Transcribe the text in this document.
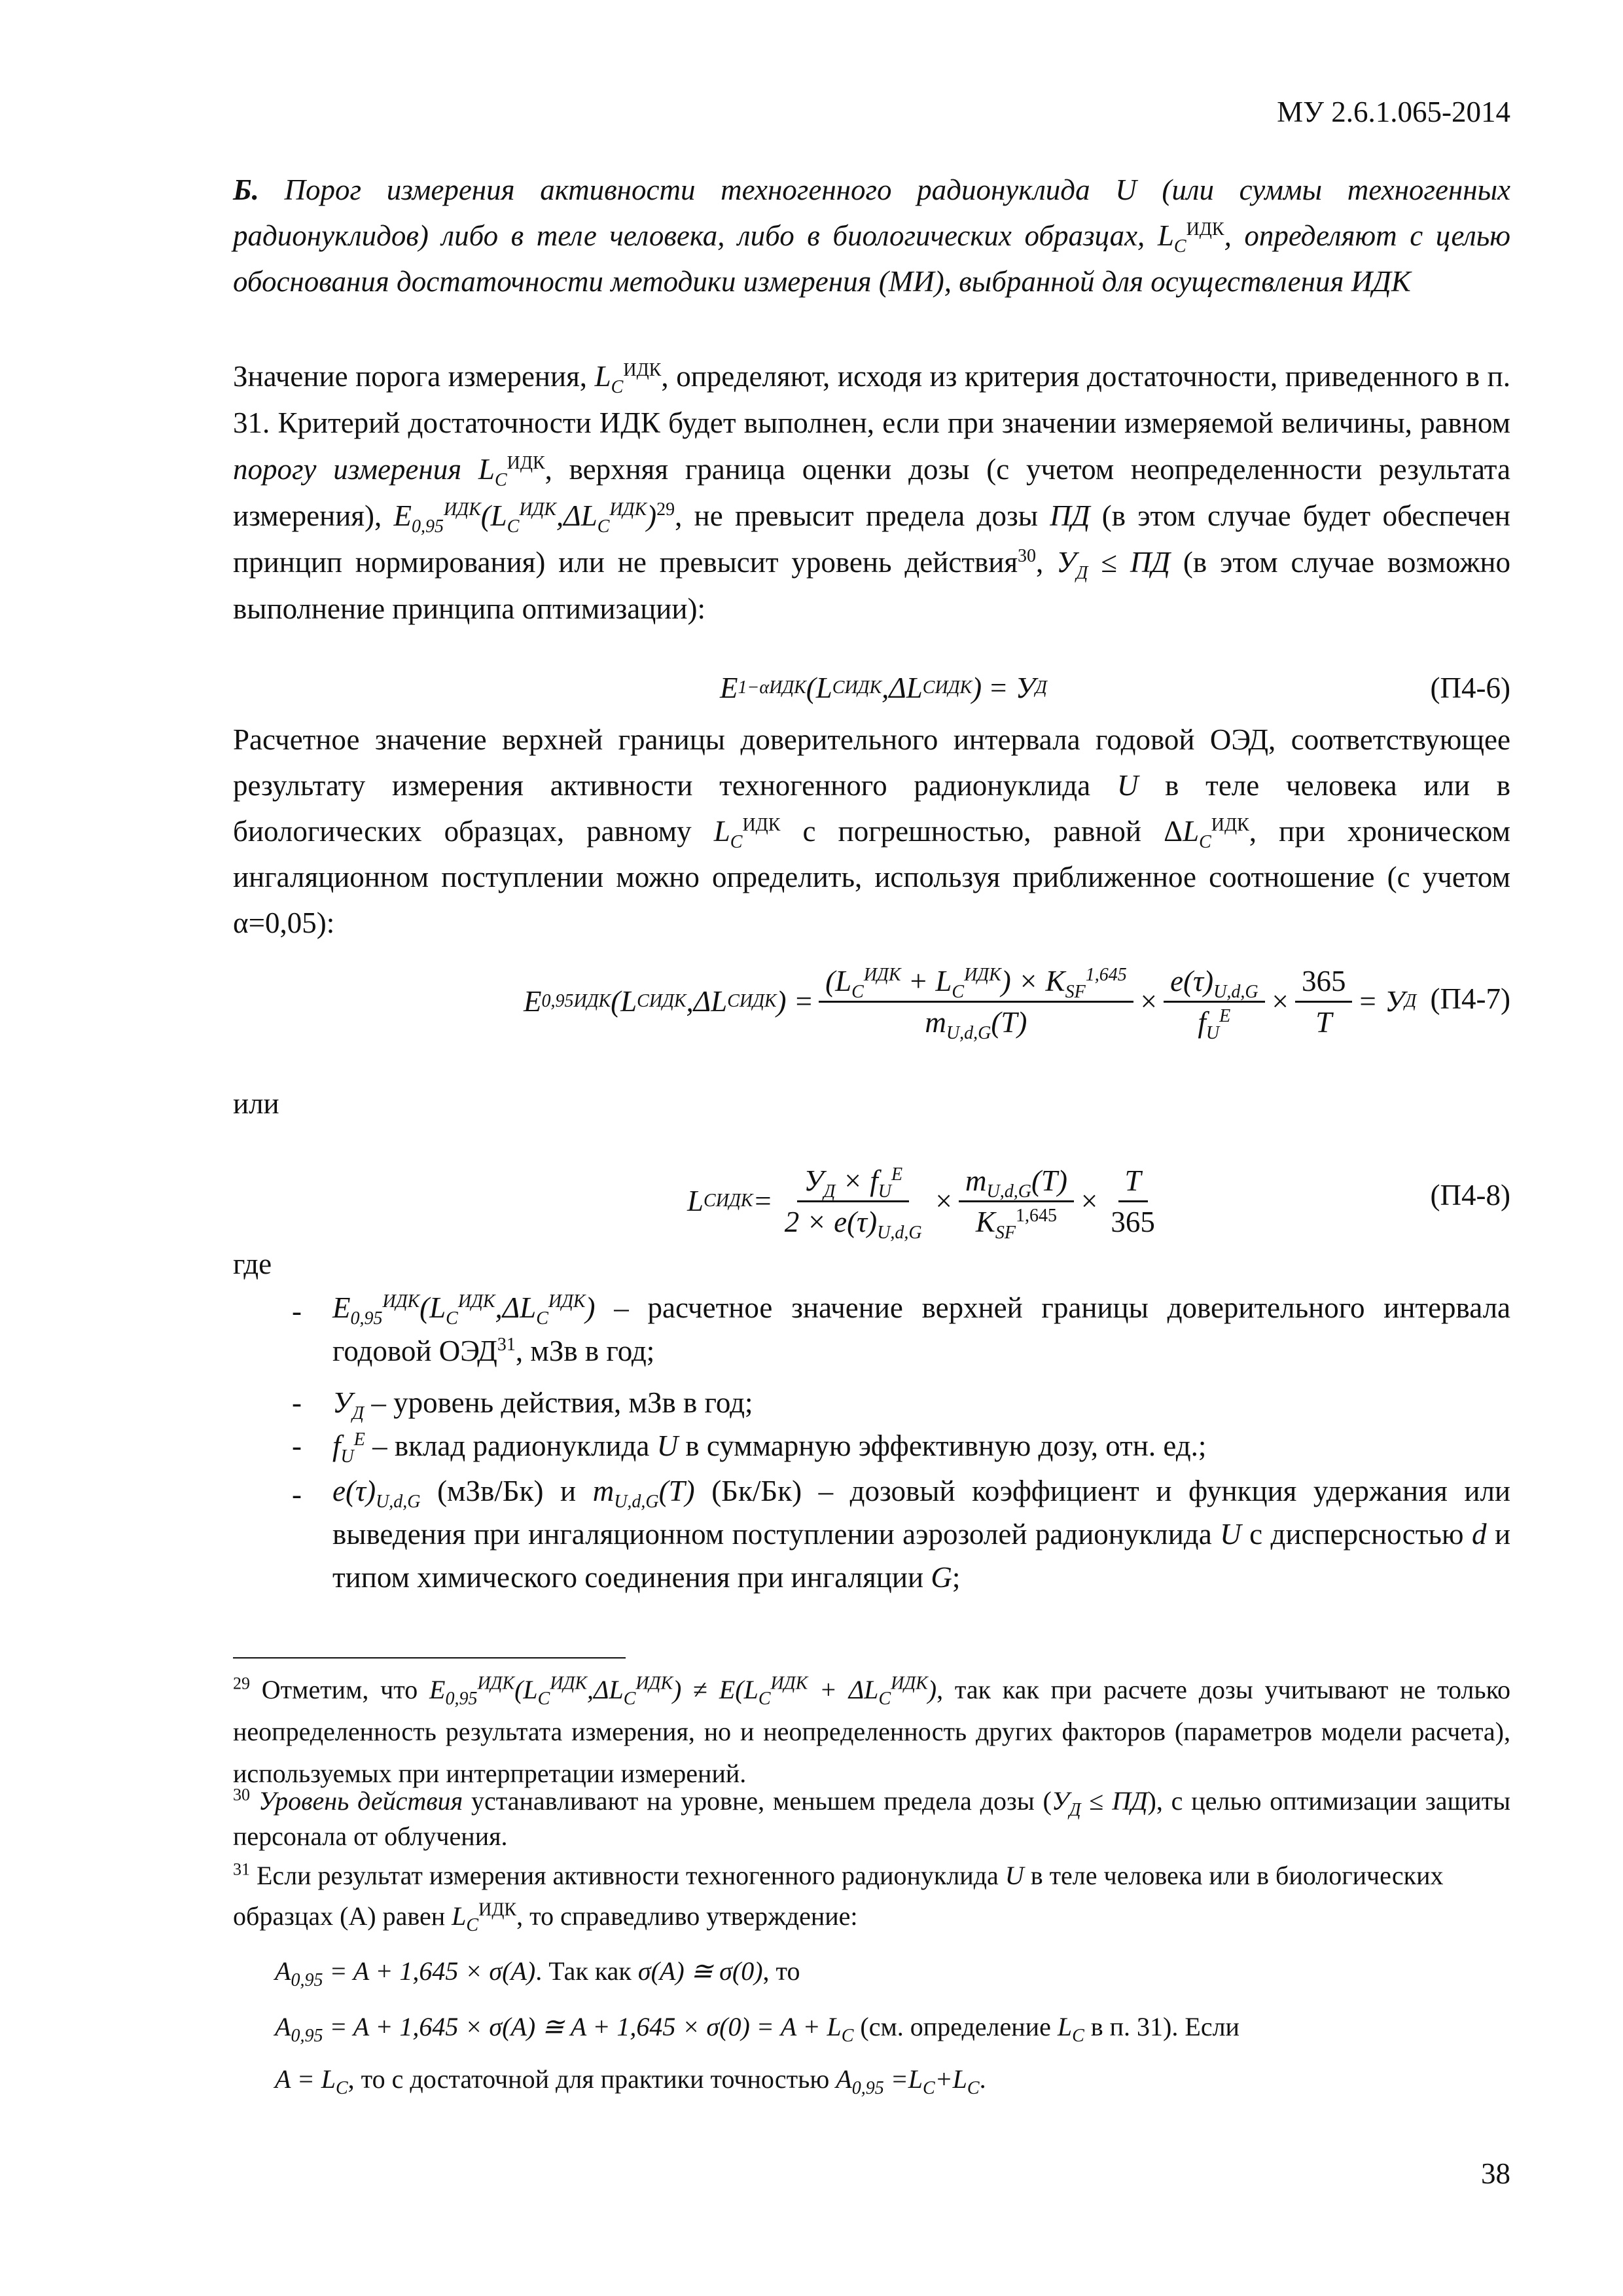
МУ 2.6.1.065-2014
Б. Порог измерения активности техногенного радионуклида U (или суммы техногенных радионуклидов) либо в теле человека, либо в биологических образцах, $L_C^{ИДК}$, определяют с целью обоснования достаточности методики измерения (МИ), выбранной для осуществления ИДК
Значение порога измерения, $L_C^{ИДК}$, определяют, исходя из критерия достаточности, приведенного в п. 31. Критерий достаточности ИДК будет выполнен, если при значении измеряемой величины, равном порогу измерения $L_C^{ИДК}$, верхняя граница оценки дозы (с учетом неопределенности результата измерения), $E_{0,95}^{ИДК}(L_C^{ИДК},\Delta L_C^{ИДК})^{29}$, не превысит предела дозы ПД (в этом случае будет обеспечен принцип нормирования) или не превысит уровень действия$^{30}$, $У_Д$ ≤ ПД (в этом случае возможно выполнение принципа оптимизации):
E 1−α ИДК (L C ИДК ,ΔL C ИДК ) = У Д	(П4-6)
Расчетное значение верхней границы доверительного интервала годовой ОЭД, соответствующее результату измерения активности техногенного радионуклида U в теле человека или в биологических образцах, равному $L_C^{ИДК}$ с погрешностью, равной $\Delta L_C^{ИДК}$, при хроническом ингаляционном поступлении можно определить, используя приближенное соотношение (с учетом α=0,05):
E 0,95 ИДК (L C ИДК ,ΔL C ИДК ) = $\frac{(L_C^{ИДК} + L_C^{ИДК}) \times K_{SF}^{1,645}}{m_{U,d,G}(T)} \times \frac{e(\tau)_{U,d,G}}{f_U^E} \times \frac{365}{T} = У$ Д (П4-7)
или
L C ИДК = $\frac{У_Д \times f_U^E}{2 \times e(\tau)_{U,d,G}} \times \frac{m_{U,d,G}(T)}{K_{SF}^{1,645}} \times \frac{T}{365}$	(П4-8)
где
- $E_{0,95}^{ИДК}(L_C^{ИДК},\Delta L_C^{ИДК})$ – расчетное значение верхней границы доверительного интервала годовой ОЭД$^{31}$, мЗв в год;
- $У_Д$ – уровень действия, мЗв в год;
- $f_U^E$ – вклад радионуклида U в суммарную эффективную дозу, отн. ед.;
- $e(\tau)_{U,d,G}$ (мЗв/Бк) и $m_{U,d,G}(T)$ (Бк/Бк) – дозовый коэффициент и функция удержания или выведения при ингаляционном поступлении аэрозолей радионуклида U с дисперсностью d и типом химического соединения при ингаляции G;
$^{29}$ Отметим, что $E_{0,95}^{ИДК}(L_C^{ИДК},\Delta L_C^{ИДК}) \ne E(L_C^{ИДК} + \Delta L_C^{ИДК})$, так как при расчете дозы учитывают не только неопределенность результата измерения, но и неопределенность других факторов (параметров модели расчета), используемых при интерпретации измерений.
$^{30}$ Уровень действия устанавливают на уровне, меньшем предела дозы $(У_Д \le ПД)$, с целью оптимизации защиты персонала от облучения.
$^{31}$ Если результат измерения активности техногенного радионуклида U в теле человека или в биологических образцах (А) равен $L_C^{ИДК}$, то справедливо утверждение:
$A_{0,95} = A + 1,645 \times \sigma(A)$. Так как σ(A) ≅ σ(0), то
$A_{0,95} = A + 1,645 \times \sigma(A)$ ≅ $A + 1,645 \times \sigma(0) = A + L_C$ (см. определение $L_C$ в п. 31). Если
$A = L_C$, то с достаточной для практики точностью $A_{0,95} =L_C+L_C$.
38
